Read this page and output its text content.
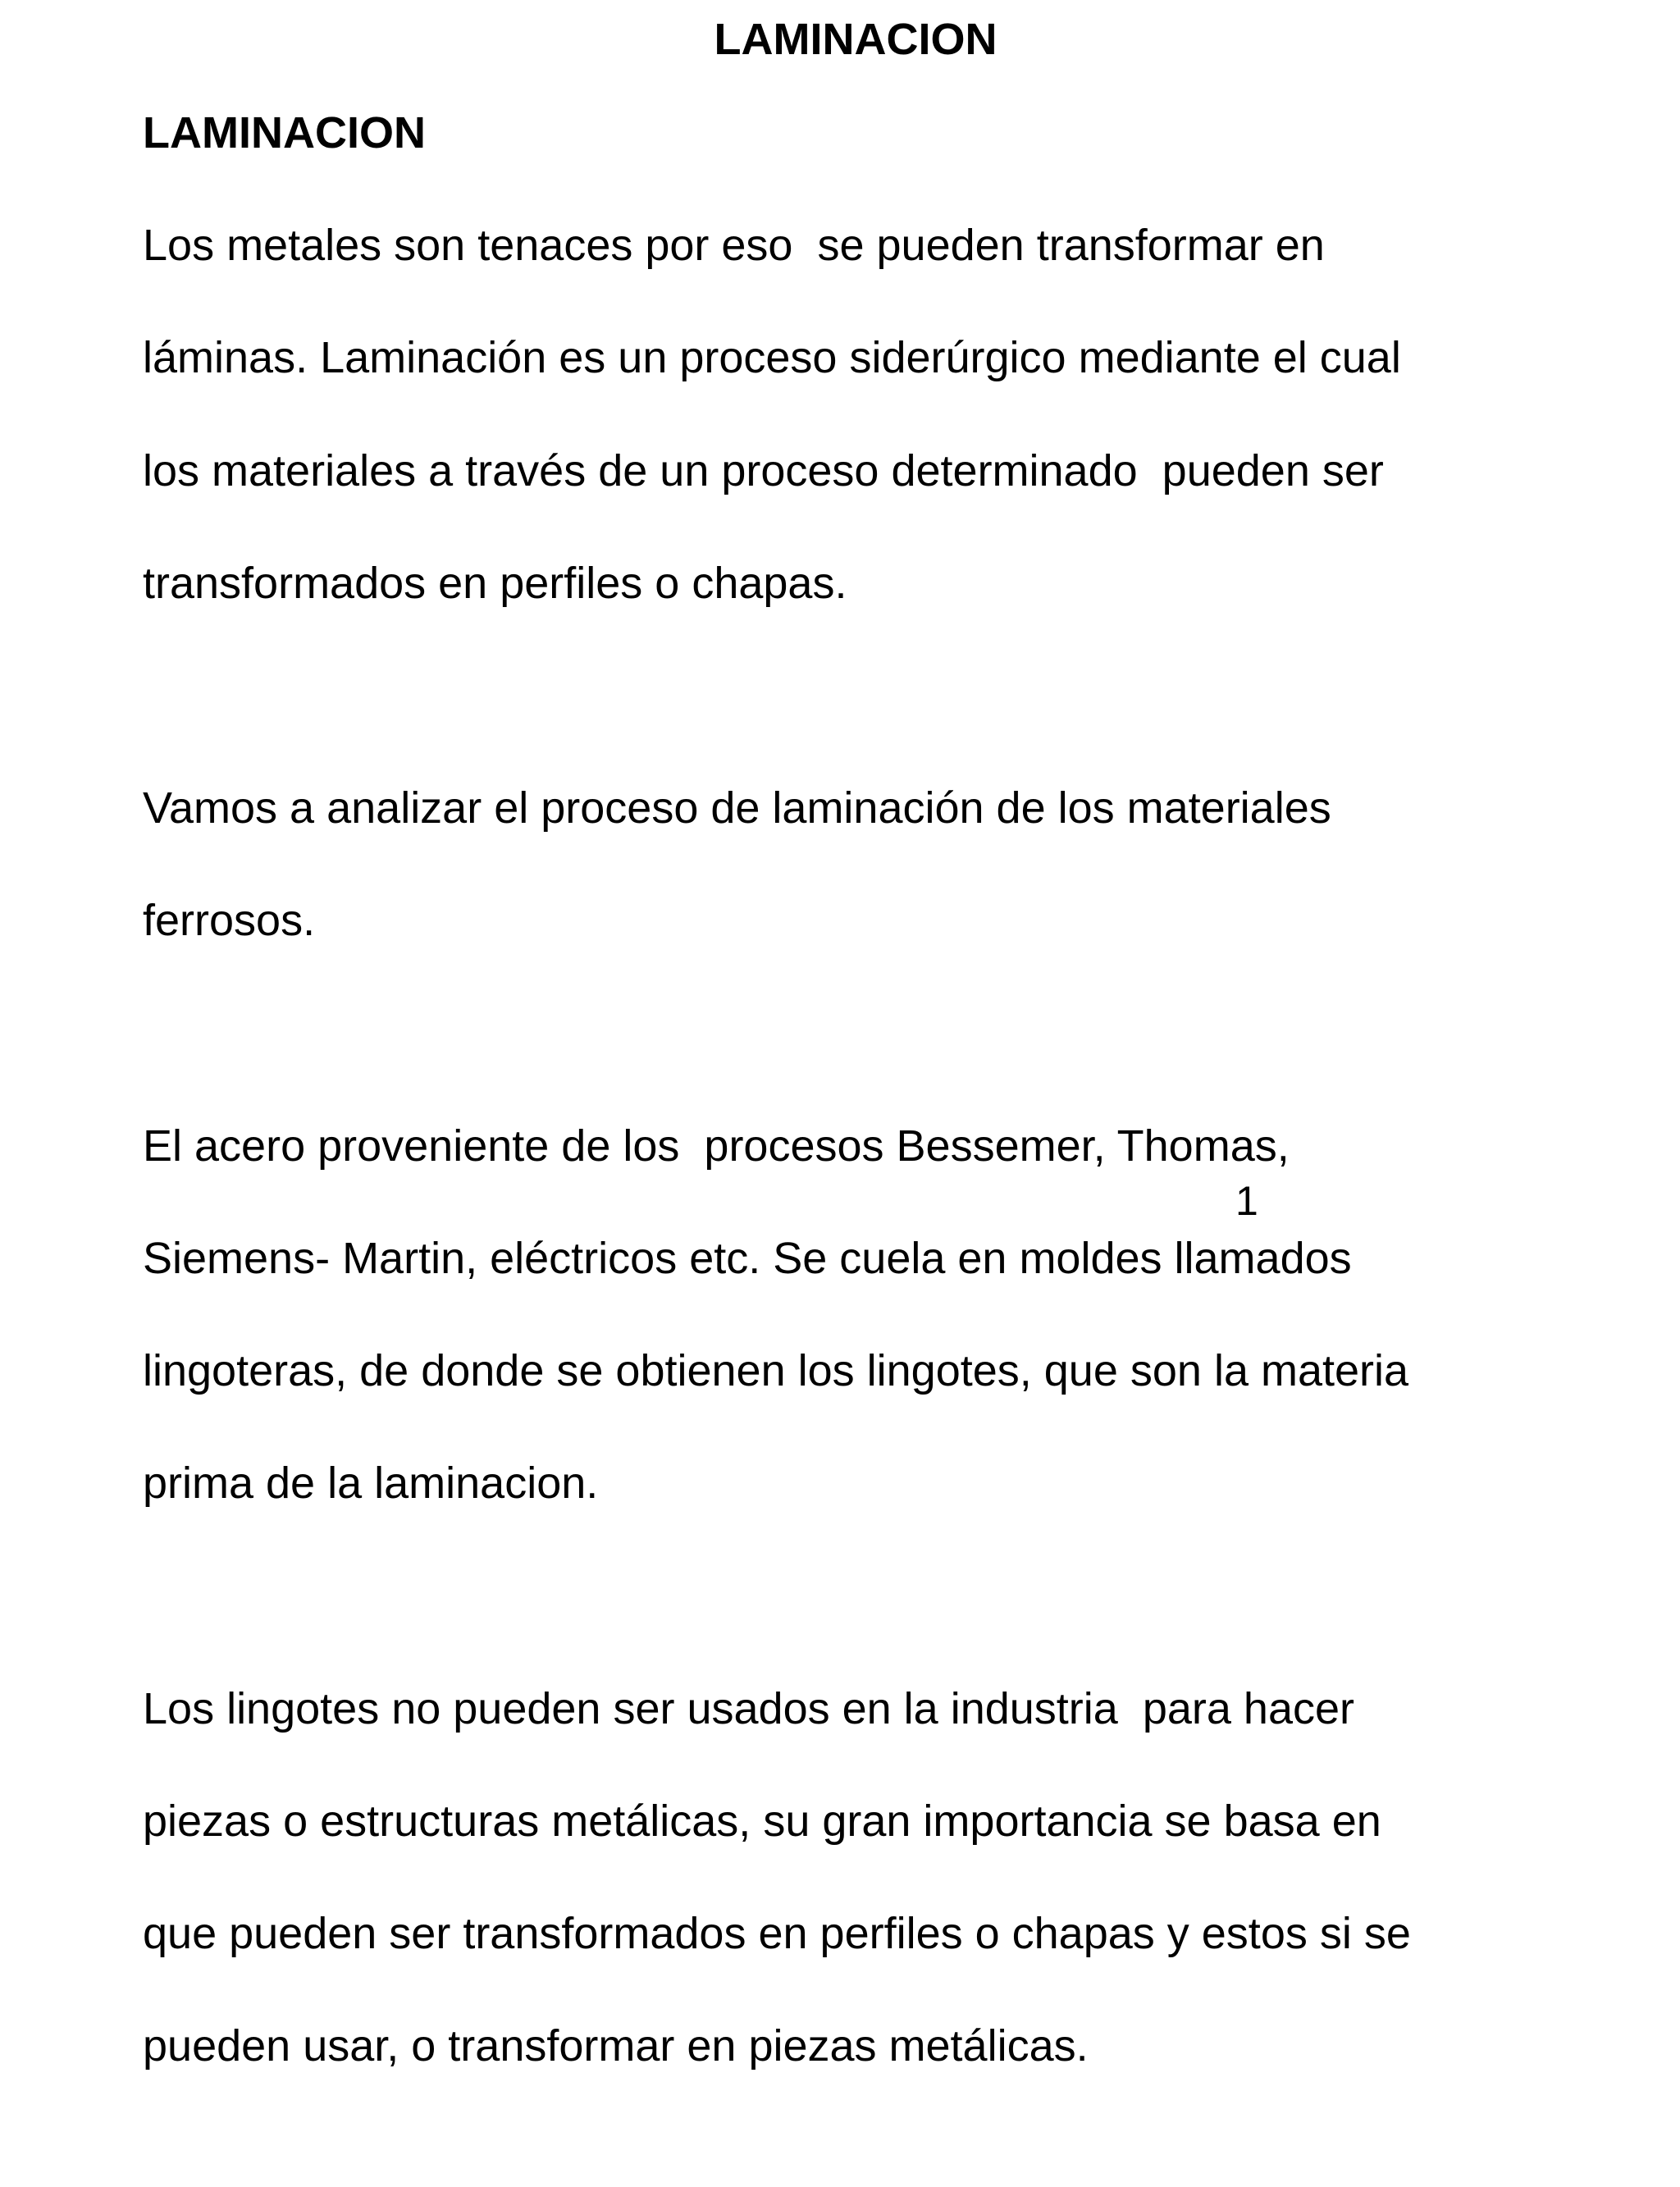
LAMINACION
LAMINACION

Los metales son tenaces por eso  se pueden transformar en

láminas. Laminación es un proceso siderúrgico mediante el cual

los materiales a través de un proceso determinado  pueden ser

transformados en perfiles o chapas.

Vamos a analizar el proceso de laminación de los materiales

ferrosos.

El acero proveniente de los  procesos Bessemer, Thomas,

Siemens- Martin, eléctricos etc. Se cuela en moldes llamados

lingoteras, de donde se obtienen los lingotes, que son la materia

prima de la laminacion.

Los lingotes no pueden ser usados en la industria  para hacer

piezas o estructuras metálicas, su gran importancia se basa en

que pueden ser transformados en perfiles o chapas y estos si se

pueden usar, o transformar en piezas metálicas.

1
